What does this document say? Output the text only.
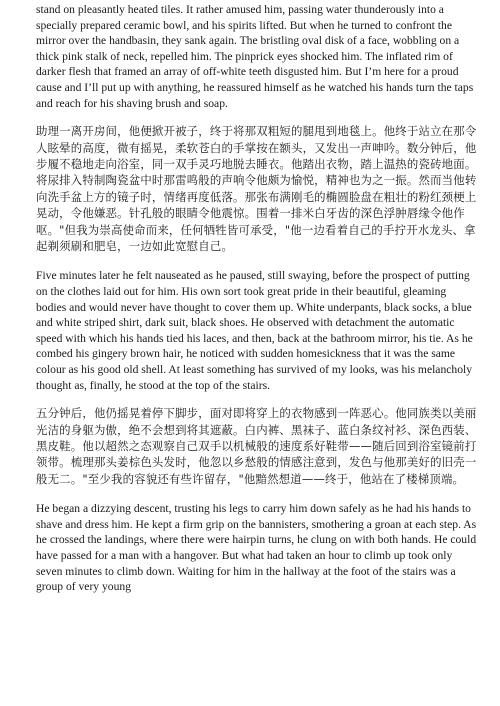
stand on pleasantly heated tiles. It rather amused him, passing water thunderously into a specially prepared ceramic bowl, and his spirits lifted. But when he turned to confront the mirror over the handbasin, they sank again. The bristling oval disk of a face, wobbling on a thick pink stalk of neck, repelled him. The pinprick eyes shocked him. The inflated rim of darker flesh that framed an array of off-white teeth disgusted him. But I’m here for a proud cause and I’ll put up with anything, he reassured himself as he watched his hands turn the taps and reach for his shaving brush and soap.

助理一离开房间，他便掀开被子，终于将那双粗短的腿甩到地毯上。他终于站立在那令人眩晕的高度，微有摇晃，柔软苍白的手掌按在额头，又发出一声呻吟。数分钟后，他步履不稳地走向浴室，同一双手灵巧地脱去睡衣。他踏出衣物，踏上温热的瓷砖地面。将尿排入特制陶瓷盆中时那雷鸣般的声响令他颇为愉悦，精神也为之一振。然而当他转向洗手盆上方的镜子时，情绪再度低落。那张布满刚毛的椭圆脸盘在粗壮的粉红颈梗上晃动，令他嫌恶。针孔般的眼睛令他震惊。围着一排米白牙齿的深色浮肿唇缘令他作呕。"但我为崇高使命而来，任何牺牲皆可承受，"他一边看着自己的手拧开水龙头、拿起剃须刷和肥皂，一边如此宽慰自己。

Five minutes later he felt nauseated as he paused, still swaying, before the prospect of putting on the clothes laid out for him. His own sort took great pride in their beautiful, gleaming bodies and would never have thought to cover them up. White underpants, black socks, a blue and white striped shirt, dark suit, black shoes. He observed with detachment the automatic speed with which his hands tied his laces, and then, back at the bathroom mirror, his tie. As he combed his gingery brown hair, he noticed with sudden homesickness that it was the same colour as his good old shell. At least something has survived of my looks, was his melancholy thought as, finally, he stood at the top of the stairs.

五分钟后，他仍摇晃着停下脚步，面对即将穿上的衣物感到一阵恶心。他同族类以美丽光洁的身躯为傲，绝不会想到将其遮蔽。白内裤、黑袜子、蓝白条纹衬衫、深色西装、黑皮鞋。他以超然之态观察自己双手以机械般的速度系好鞋带——随后回到浴室镜前打领带。梳理那头姜棕色头发时，他忽以乡愁般的情感注意到，发色与他那美好的旧壳一般无二。"至少我的容貌还有些许留存，"他黯然想道——终于，他站在了楼梯顶端。

He began a dizzying descent, trusting his legs to carry him down safely as he had his hands to shave and dress him. He kept a firm grip on the bannisters, smothering a groan at each step. As he crossed the landings, where there were hairpin turns, he clung on with both hands. He could have passed for a man with a hangover. But what had taken an hour to climb up took only seven minutes to climb down. Waiting for him in the hallway at the foot of the stairs was a group of very young
